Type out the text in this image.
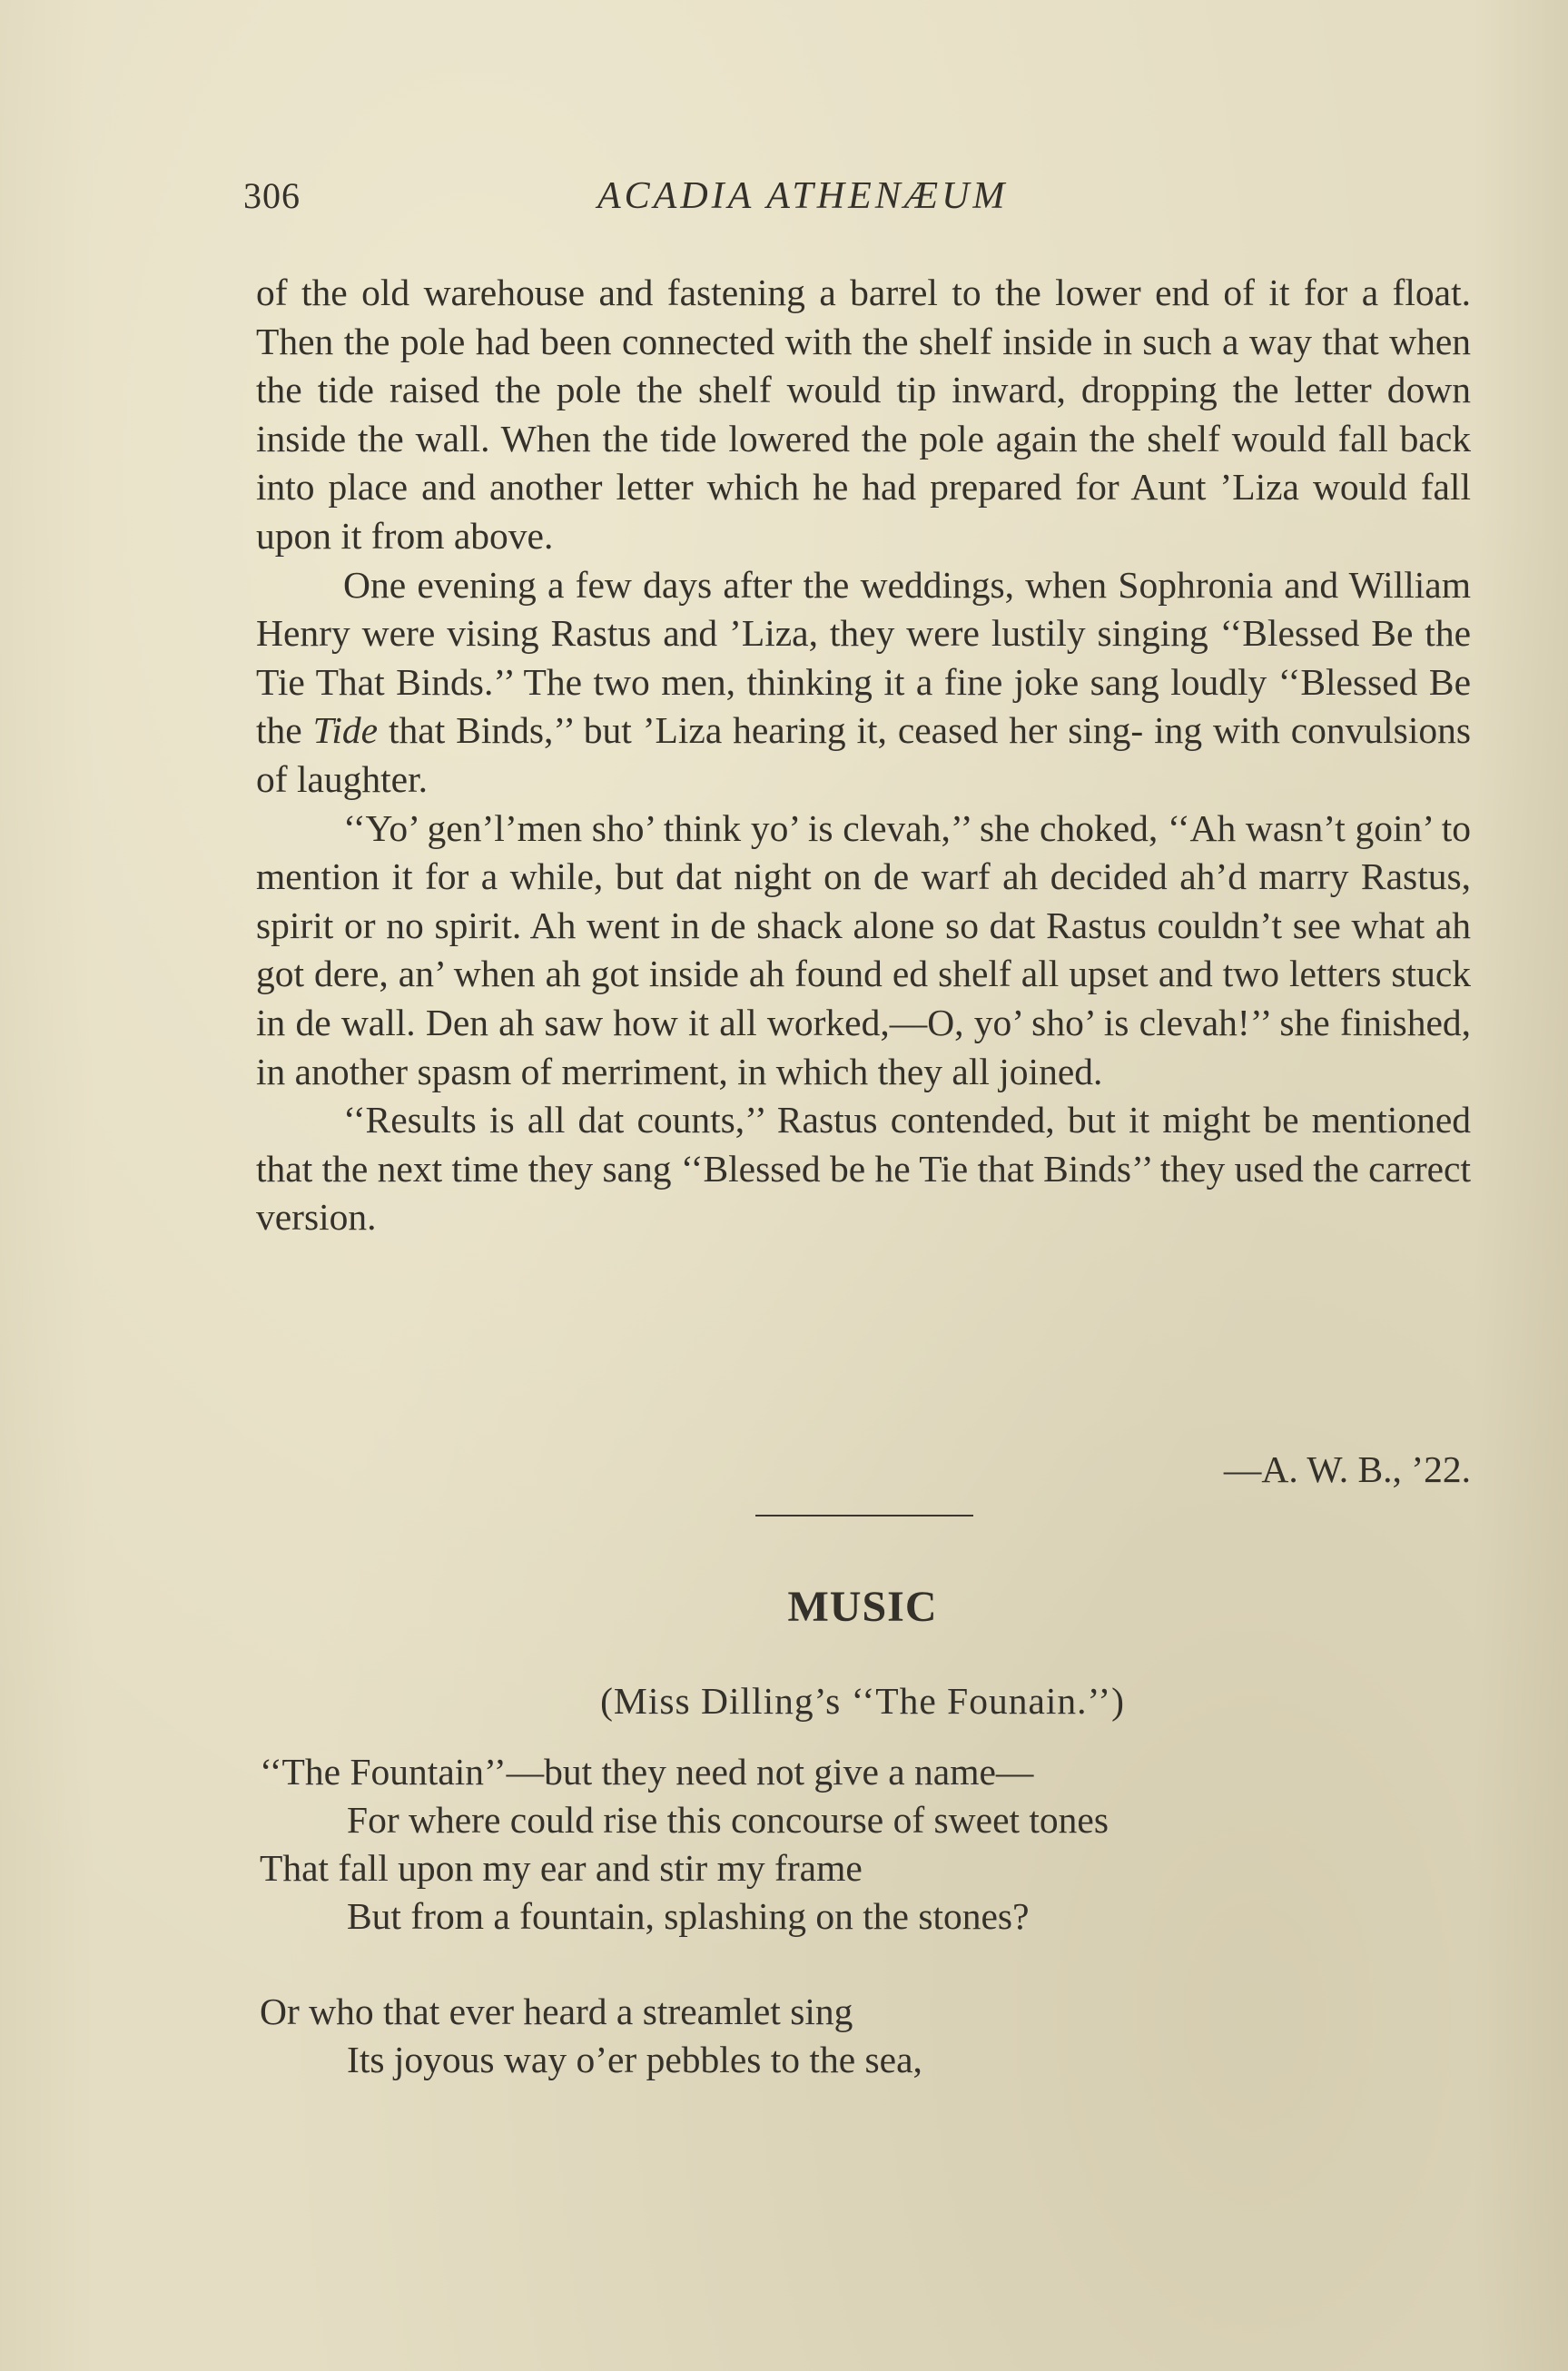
306	ACADIA ATHENÆUM

of the old warehouse and fastening a barrel to the lower end of it for a float. Then the pole had been connected with the shelf inside in such a way that when the tide raised the pole the shelf would tip inward, dropping the letter down inside the wall. When the tide lowered the pole again the shelf would fall back into place and another letter which he had prepared for Aunt ’Liza would fall upon it from above.

One evening a few days after the weddings, when Sophronia and William Henry were vising Rastus and ’Liza, they were lustily singing ‘‘Blessed Be the Tie That Binds.’’ The two men, thinking it a fine joke sang loudly ‘‘Blessed Be the Tide that Binds,’’ but ’Liza hearing it, ceased her sing- ing with convulsions of laughter.

‘‘Yo’ gen’l’men sho’ think yo’ is clevah,’’ she choked, ‘‘Ah wasn’t goin’ to mention it for a while, but dat night on de warf ah decided ah’d marry Rastus, spirit or no spirit. Ah went in de shack alone so dat Rastus couldn’t see what ah got dere, an’ when ah got inside ah found ed shelf all upset and two letters stuck in de wall. Den ah saw how it all worked,—O, yo’ sho’ is clevah!’’ she finished, in another spasm of merriment, in which they all joined.

‘‘Results is all dat counts,’’ Rastus contended, but it might be mentioned that the next time they sang ‘‘Blessed be he Tie that Binds’’ they used the carrect version.

—A. W. B., ’22.
MUSIC
(Miss Dilling’s ‘‘The Founain.’’)
‘‘The Fountain’’—but they need not give a name—
For where could rise this concourse of sweet tones
That fall upon my ear and stir my frame
But from a fountain, splashing on the stones?
Or who that ever heard a streamlet sing
Its joyous way o’er pebbles to the sea,
